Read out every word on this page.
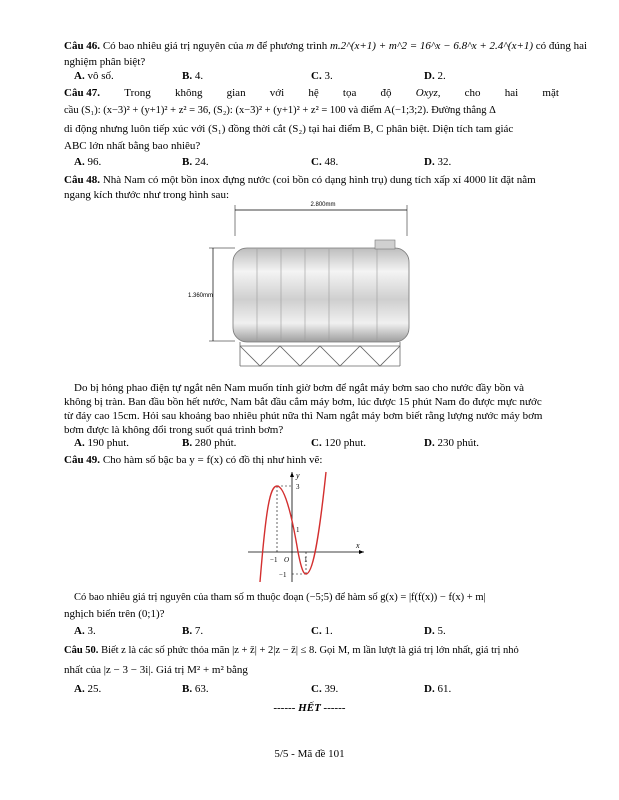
Câu 46. Có bao nhiêu giá trị nguyên của m để phương trình m.2^(x+1) + m^2 = 16^x − 6.8^x + 2.4^(x+1) có đúng hai
nghiệm phân biệt?
A. vô số.	B. 4.	C. 3.	D. 2.
Câu 47. Trong không gian với hệ tọa độ Oxyz, cho hai mặt
cầu (S₁): (x−3)² + (y+1)² + z² = 36, (S₂): (x−3)² + (y+1)² + z² = 100 và điểm A(−1;3;2). Đường thẳng Δ
di động nhưng luôn tiếp xúc với (S₁) đồng thời cắt (S₂) tại hai điểm B, C phân biệt. Diện tích tam giác
ABC lớn nhất bằng bao nhiêu?
A. 96.	B. 24.	C. 48.	D. 32.
Câu 48. Nhà Nam có một bồn inox đựng nước (coi bồn có dạng hình trụ) dung tích xấp xỉ 4000 lít đặt nằm
ngang kích thước như trong hình sau:
2.800mm
1.360mm
Do bị hỏng phao điện tự ngắt nên Nam muốn tính giờ bơm để ngắt máy bơm sao cho nước đầy bồn và
không bị tràn. Ban đầu bồn hết nước, Nam bắt đầu cắm máy bơm, lúc được 15 phút Nam đo được mực nước
từ đáy cao 15cm. Hỏi sau khoảng bao nhiêu phút nữa thì Nam ngắt máy bơm biết rằng lượng nước máy bơm
bơm được là không đổi trong suốt quá trình bơm?
A. 190 phut.	B. 280 phút.	C. 120 phut.	D. 230 phút.
Câu 49. Cho hàm số bậc ba y = f(x) có đồ thị như hình vẽ:
y
x
O
3
1
−1
−1	1
Có bao nhiêu giá trị nguyên của tham số m thuộc đoạn (−5;5) để hàm số g(x) = |f(f(x)) − f(x) + m|
nghịch biến trên (0;1)?
A. 3.	B. 7.	C. 1.	D. 5.
Câu 50. Biết z là các số phức thỏa mãn |z + z̄| + 2|z − z̄| ≤ 8. Gọi M, m lần lượt là giá trị lớn nhất, giá trị nhỏ
nhất của |z − 3 − 3i|. Giá trị M² + m² bằng
A. 25.	B. 63.	C. 39.	D. 61.
------ HẾT ------
5/5 - Mã đề 101
